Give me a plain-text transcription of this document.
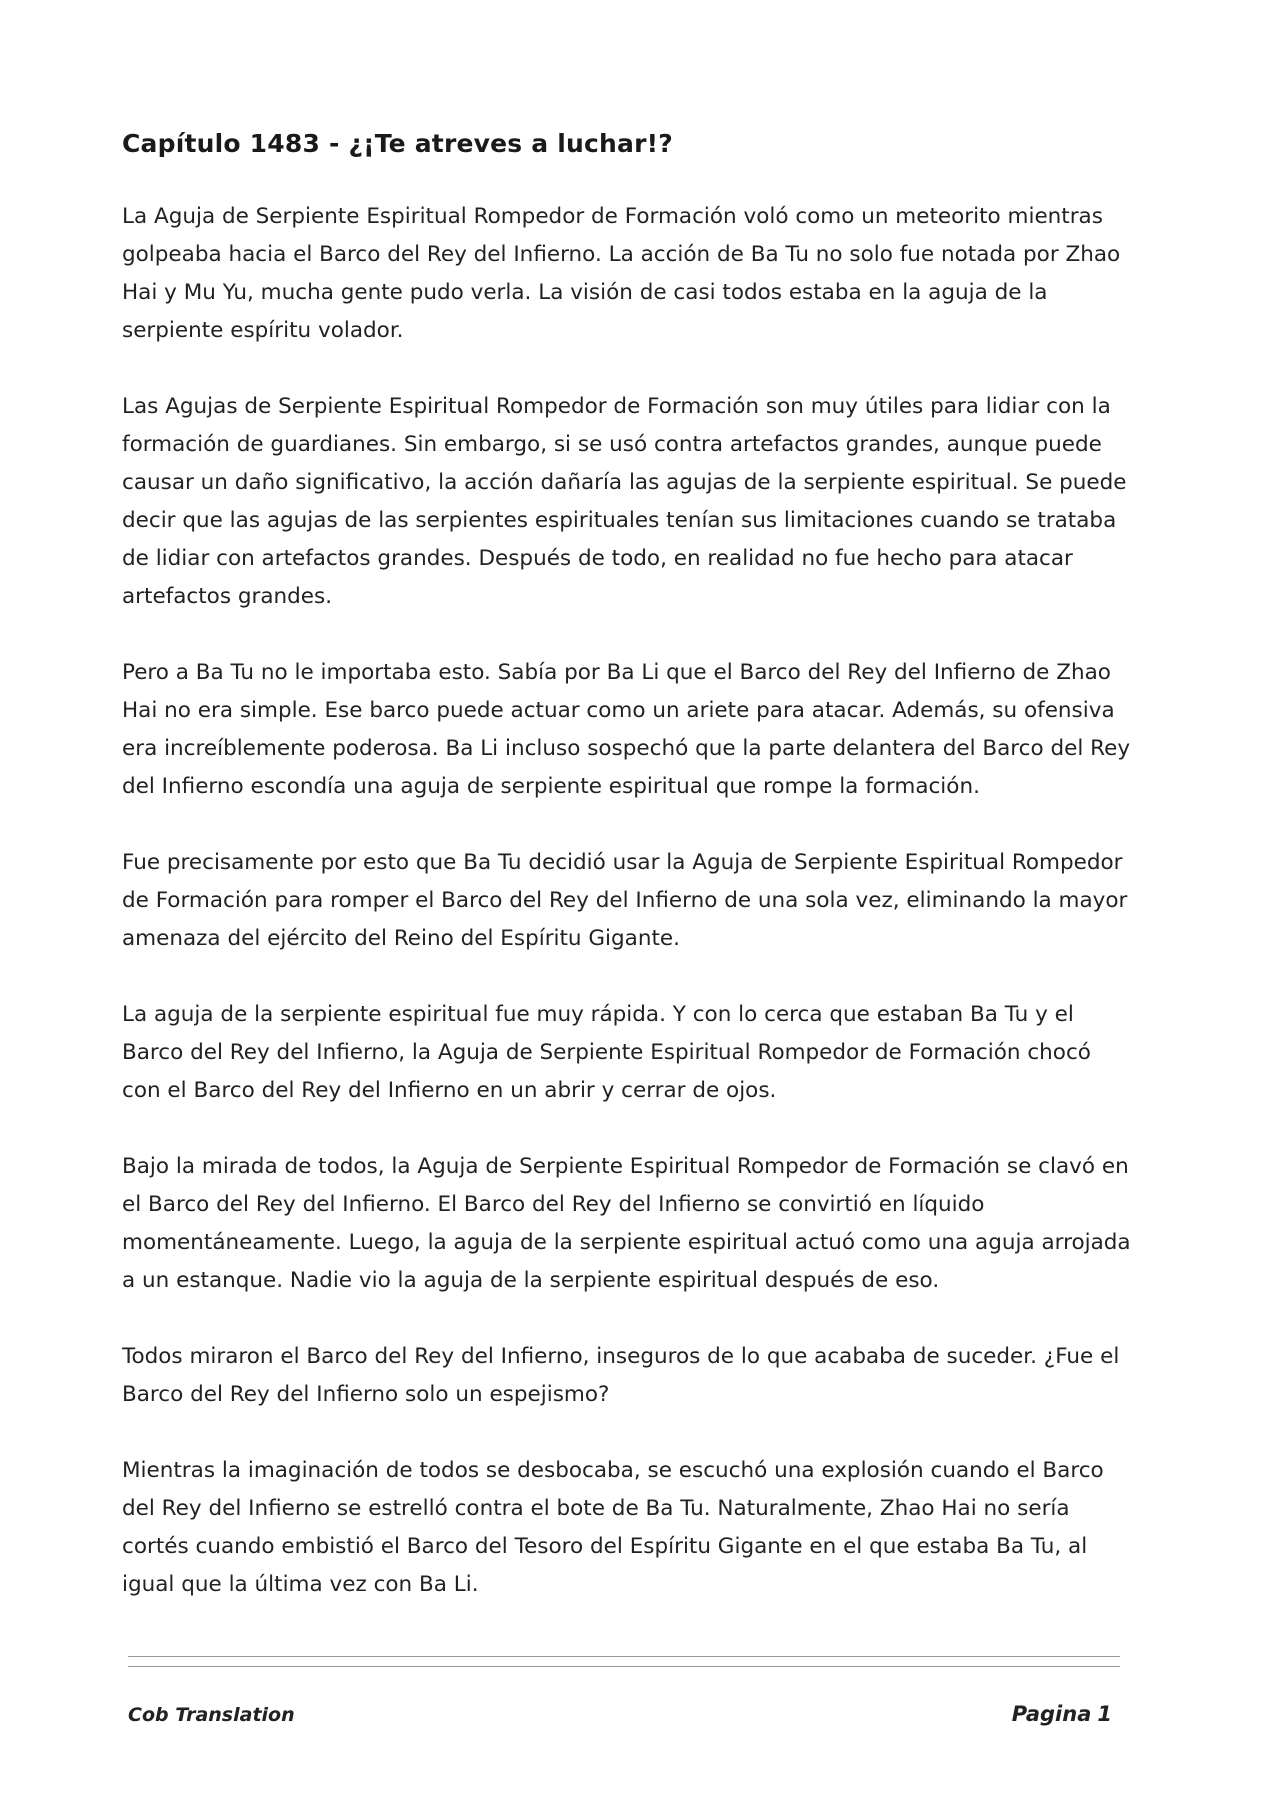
Capítulo 1483 - ¿¡Te atreves a luchar!?

La Aguja de Serpiente Espiritual Rompedor de Formación voló como un meteorito mientras golpeaba hacia el Barco del Rey del Infierno. La acción de Ba Tu no solo fue notada por Zhao Hai y Mu Yu, mucha gente pudo verla. La visión de casi todos estaba en la aguja de la serpiente espíritu volador.

Las Agujas de Serpiente Espiritual Rompedor de Formación son muy útiles para lidiar con la formación de guardianes. Sin embargo, si se usó contra artefactos grandes, aunque puede causar un daño significativo, la acción dañaría las agujas de la serpiente espiritual. Se puede decir que las agujas de las serpientes espirituales tenían sus limitaciones cuando se trataba de lidiar con artefactos grandes. Después de todo, en realidad no fue hecho para atacar artefactos grandes.

Pero a Ba Tu no le importaba esto. Sabía por Ba Li que el Barco del Rey del Infierno de Zhao Hai no era simple. Ese barco puede actuar como un ariete para atacar. Además, su ofensiva era increíblemente poderosa. Ba Li incluso sospechó que la parte delantera del Barco del Rey del Infierno escondía una aguja de serpiente espiritual que rompe la formación.

Fue precisamente por esto que Ba Tu decidió usar la Aguja de Serpiente Espiritual Rompedor de Formación para romper el Barco del Rey del Infierno de una sola vez, eliminando la mayor amenaza del ejército del Reino del Espíritu Gigante.

La aguja de la serpiente espiritual fue muy rápida. Y con lo cerca que estaban Ba Tu y el Barco del Rey del Infierno, la Aguja de Serpiente Espiritual Rompedor de Formación chocó con el Barco del Rey del Infierno en un abrir y cerrar de ojos.

Bajo la mirada de todos, la Aguja de Serpiente Espiritual Rompedor de Formación se clavó en el Barco del Rey del Infierno. El Barco del Rey del Infierno se convirtió en líquido momentáneamente. Luego, la aguja de la serpiente espiritual actuó como una aguja arrojada a un estanque. Nadie vio la aguja de la serpiente espiritual después de eso.

Todos miraron el Barco del Rey del Infierno, inseguros de lo que acababa de suceder. ¿Fue el Barco del Rey del Infierno solo un espejismo?

Mientras la imaginación de todos se desbocaba, se escuchó una explosión cuando el Barco del Rey del Infierno se estrelló contra el bote de Ba Tu. Naturalmente, Zhao Hai no sería cortés cuando embistió el Barco del Tesoro del Espíritu Gigante en el que estaba Ba Tu, al igual que la última vez con Ba Li.

Cob Translation	Pagina 1
